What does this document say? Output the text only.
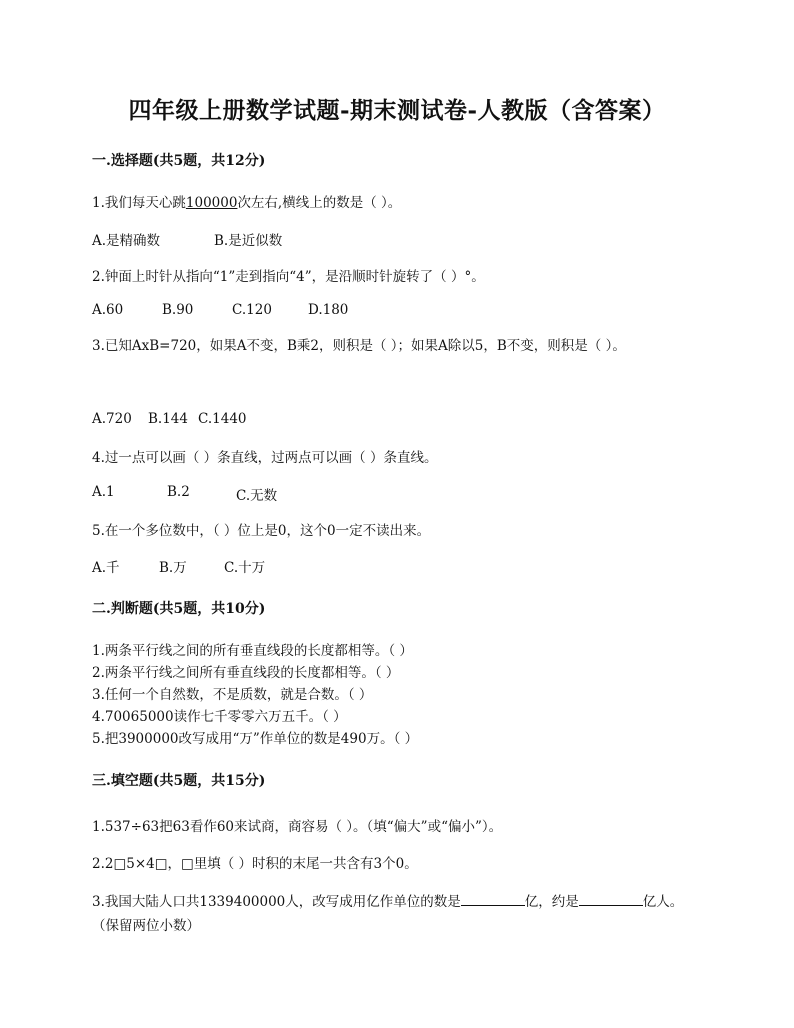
四年级上册数学试题-期末测试卷-人教版（含答案）
一.选择题(共5题，共12分)
1.我们每天心跳100000次左右,横线上的数是（ ）。
A.是精确数	B.是近似数
2.钟面上时针从指向“1”走到指向“4”，是沿顺时针旋转了（ ）°。
A.60	B.90	C.120	D.180
3.已知AxB=720，如果A不变，B乘2，则积是（ ）；如果A除以5，B不变，则积是（ ）。
A.720 B.144 C.1440
4.过一点可以画（ ）条直线，过两点可以画（ ）条直线。
A.1	B.2	C.无数
5.在一个多位数中，（ ）位上是0，这个0一定不读出来。
A.千	B.万	C.十万
二.判断题(共5题，共10分)
1.两条平行线之间的所有垂直线段的长度都相等。（ ）
2.两条平行线之间所有垂直线段的长度都相等。（ ）
3.任何一个自然数，不是质数，就是合数。（ ）
4.70065000读作七千零零六万五千。（ ）
5.把3900000改写成用“万”作单位的数是490万。（ ）
三.填空题(共5题，共15分)
1.537÷63把63看作60来试商，商容易（ ）。（填“偏大”或“偏小”）。
2.2□5×4□，□里填（ ）时积的末尾一共含有3个0。
3.我国大陆人口共1339400000人，改写成用亿作单位的数是	亿，约是	亿人。（保留两位小数）
